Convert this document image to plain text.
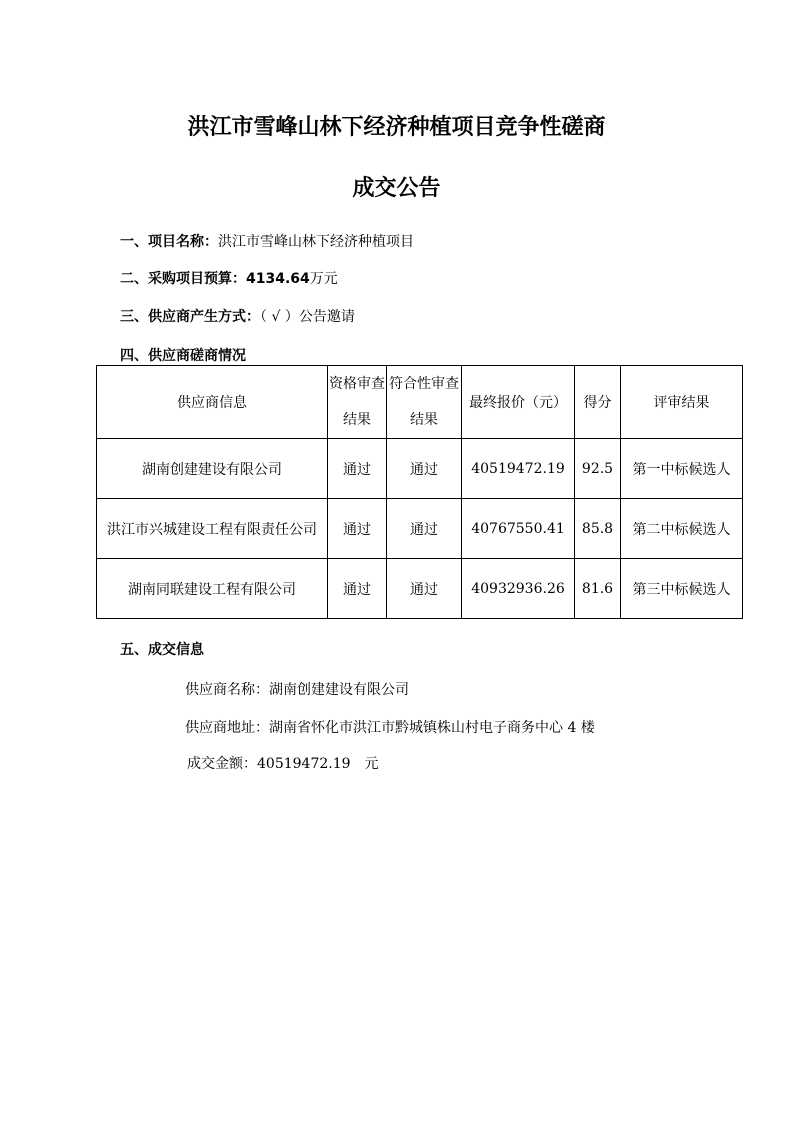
洪江市雪峰山林下经济种植项目竞争性磋商
成交公告
一、项目名称：洪江市雪峰山林下经济种植项目
二、采购项目预算：4134.64万元
三、供应商产生方式：（ √ ）公告邀请
四、供应商磋商情况
供应商信息	资格审查结果	符合性审查结果	最终报价（元）	得分	评审结果
湖南创建建设有限公司	通过	通过	40519472.19	92.5	第一中标候选人
洪江市兴城建设工程有限责任公司	通过	通过	40767550.41	85.8	第二中标候选人
湖南同联建设工程有限公司	通过	通过	40932936.26	81.6	第三中标候选人
五、成交信息
供应商名称：湖南创建建设有限公司
供应商地址：湖南省怀化市洪江市黔城镇株山村电子商务中心 4 楼
成交金额：40519472.19　元
